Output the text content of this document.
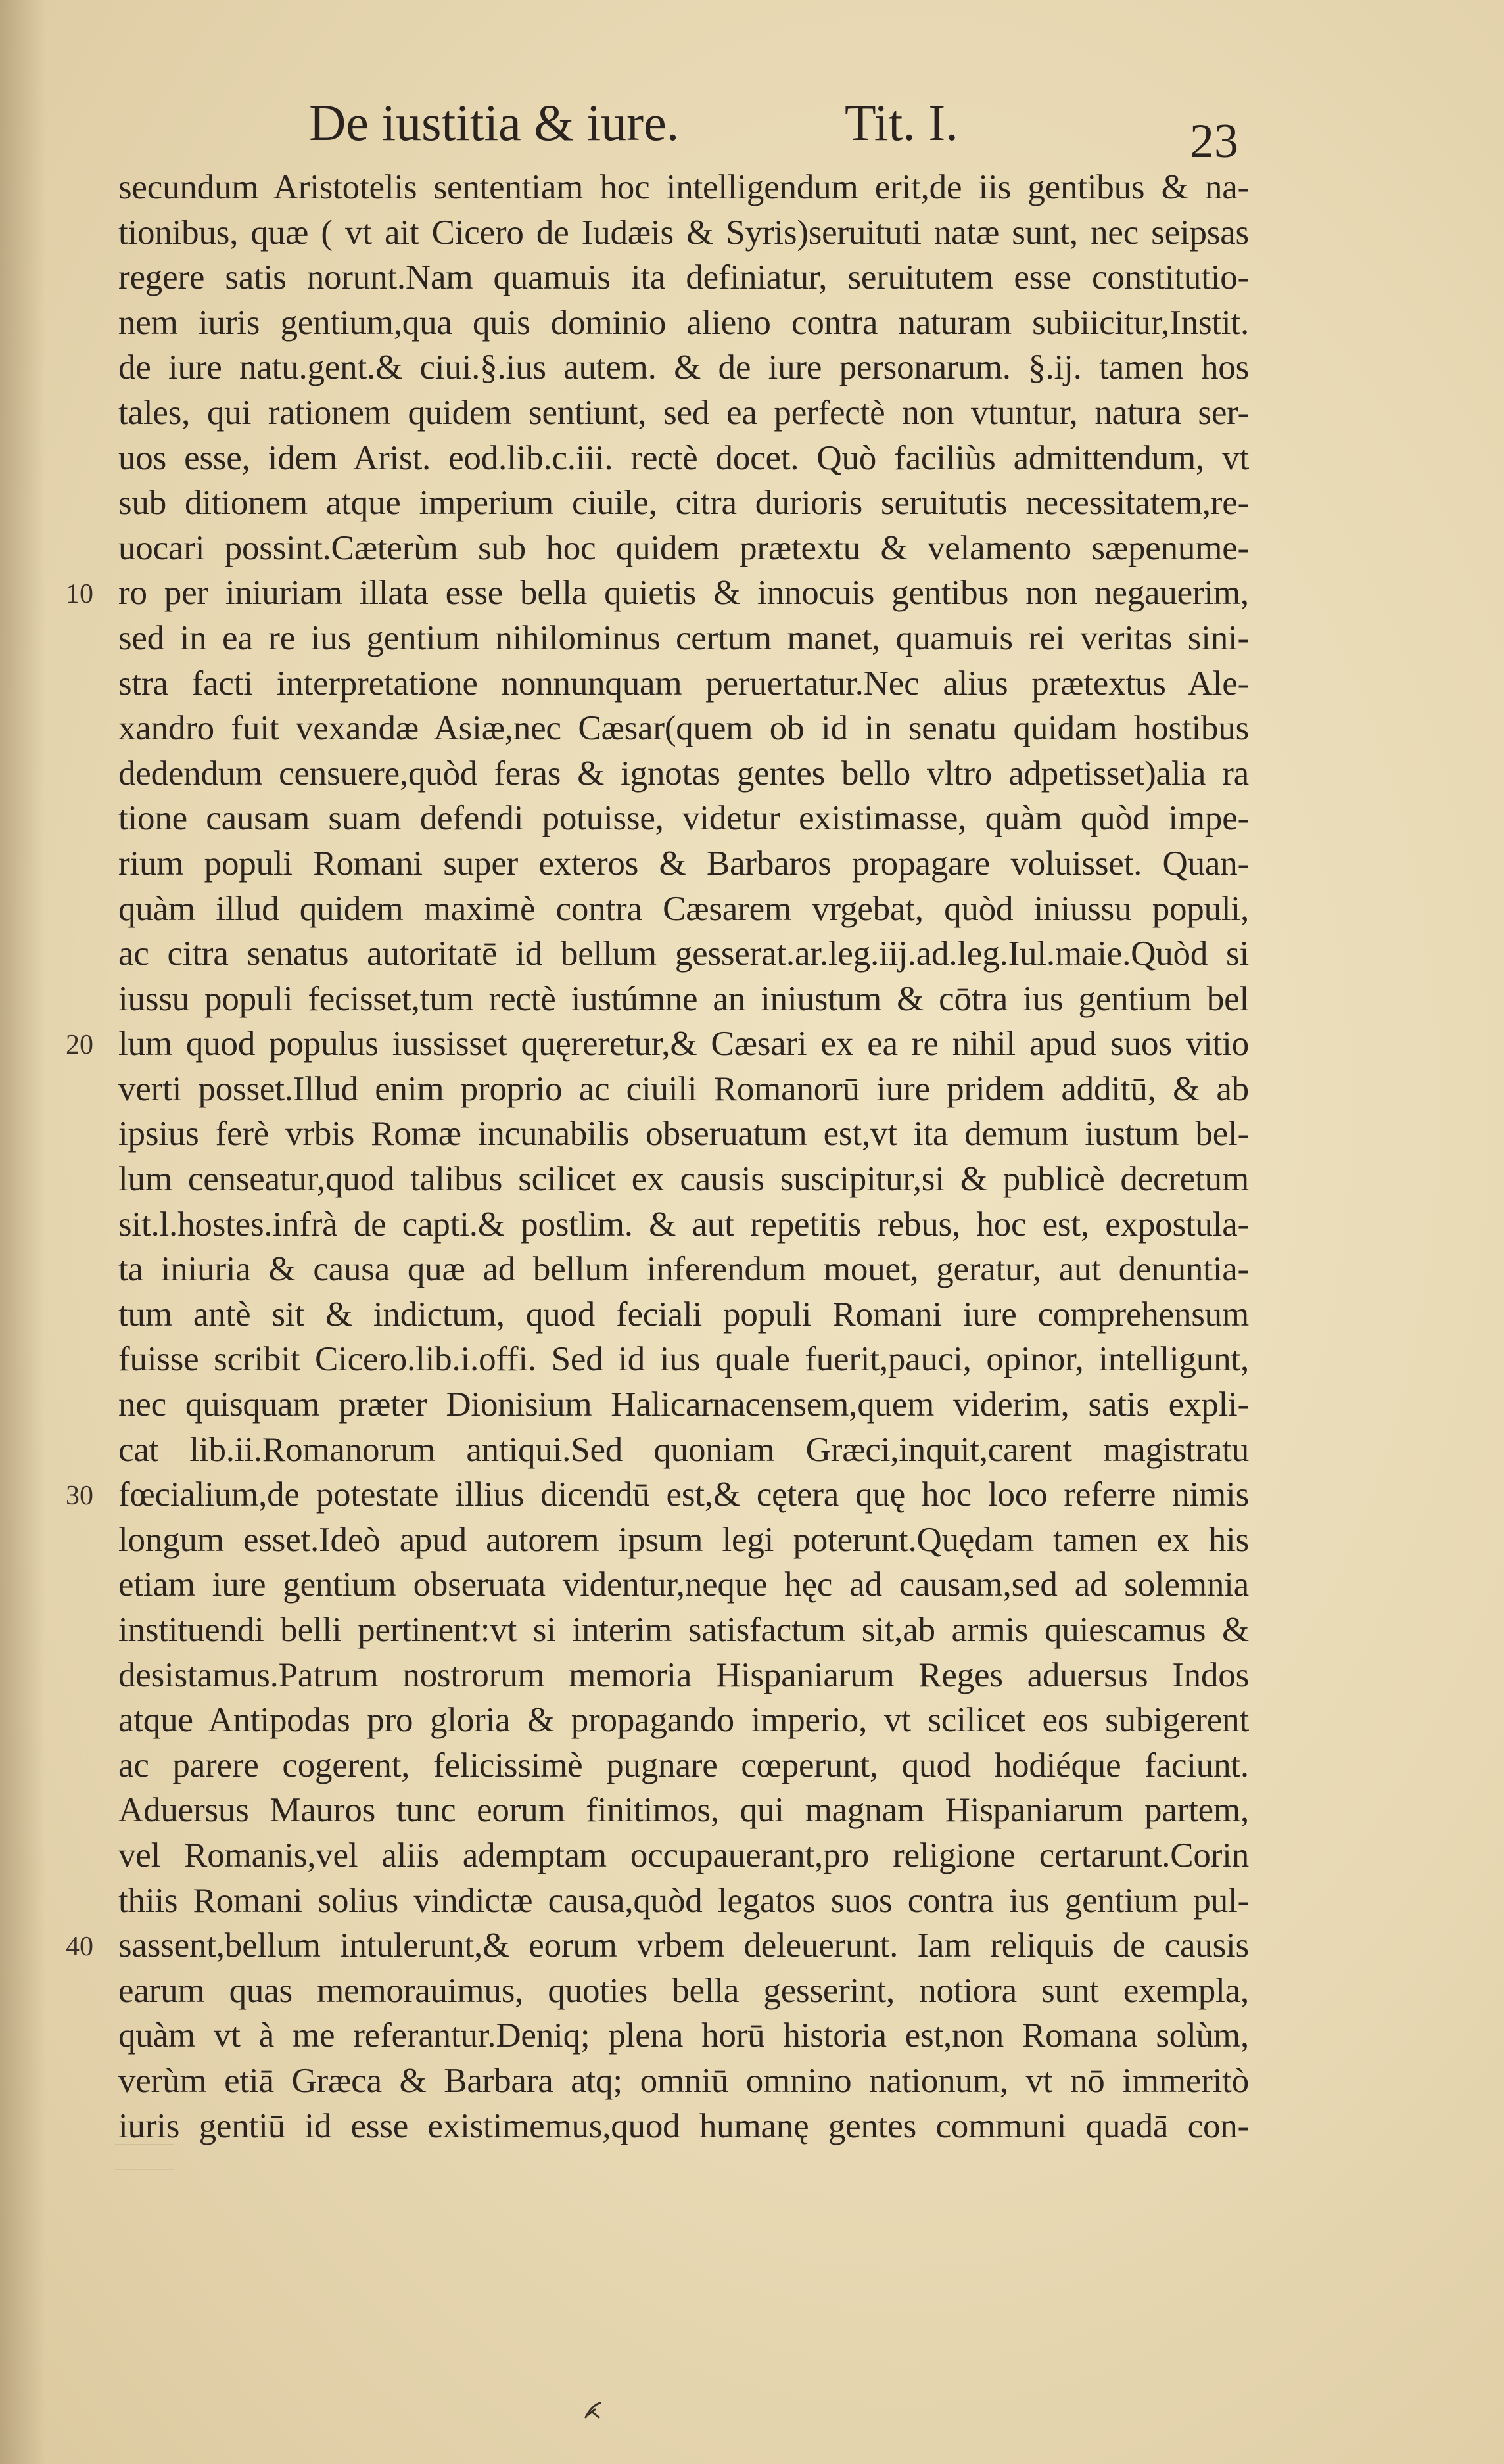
De iustitia & iure.	Tit. I.	23
secundum Aristotelis sententiam hoc intelligendum erit,de iis gentibus & na-
tionibus, quæ ( vt ait Cicero de Iudæis & Syris)seruituti natæ sunt, nec seipsas
regere satis norunt.Nam quamuis ita definiatur, seruitutem esse constitutio-
nem iuris gentium,qua quis dominio alieno contra naturam subiicitur,Instit.
de iure natu.gent.& ciui.§.ius autem. & de iure personarum. §.ij. tamen hos
tales, qui rationem quidem sentiunt, sed ea perfectè non vtuntur, natura ser-
uos esse, idem Arist. eod.lib.c.iii. rectè docet. Quò faciliùs admittendum, vt
sub ditionem atque imperium ciuile, citra durioris seruitutis necessitatem,re-
uocari possint.Cæterùm sub hoc quidem prætextu & velamento sæpenume-
10 ro per iniuriam illata esse bella quietis & innocuis gentibus non negauerim,
sed in ea re ius gentium nihilominus certum manet, quamuis rei veritas sini-
stra facti interpretatione nonnunquam peruertatur.Nec alius prætextus Ale-
xandro fuit vexandæ Asiæ,nec Cæsar(quem ob id in senatu quidam hostibus
dedendum censuere,quòd feras & ignotas gentes bello vltro adpetisset)alia ra
tione causam suam defendi potuisse, videtur existimasse, quàm quòd impe-
rium populi Romani super exteros & Barbaros propagare voluisset. Quan-
quàm illud quidem maximè contra Cæsarem vrgebat, quòd iniussu populi,
ac citra senatus autoritatē id bellum gesserat.ar.leg.iij.ad.leg.Iul.maie.Quòd si
iussu populi fecisset,tum rectè iustúmne an iniustum & cōtra ius gentium bel
20 lum quod populus iussisset quęreretur,& Cæsari ex ea re nihil apud suos vitio
verti posset.Illud enim proprio ac ciuili Romanorū iure pridem additū, & ab
ipsius ferè vrbis Romæ incunabilis obseruatum est,vt ita demum iustum bel-
lum censeatur,quod talibus scilicet ex causis suscipitur,si & publicè decretum
sit.l.hostes.infrà de capti.& postlim. & aut repetitis rebus, hoc est, expostula-
ta iniuria & causa quæ ad bellum inferendum mouet, geratur, aut denuntia-
tum antè sit & indictum, quod feciali populi Romani iure comprehensum
fuisse scribit Cicero.lib.i.offi. Sed id ius quale fuerit,pauci, opinor, intelligunt,
nec quisquam præter Dionisium Halicarnacensem,quem viderim, satis expli-
cat lib.ii.Romanorum antiqui.Sed quoniam Græci,inquit,carent magistratu
30 fœcialium,de potestate illius dicendū est,& cętera quę hoc loco referre nimis
longum esset.Ideò apud autorem ipsum legi poterunt.Quędam tamen ex his
etiam iure gentium obseruata videntur,neque hęc ad causam,sed ad solemnia
instituendi belli pertinent:vt si interim satisfactum sit,ab armis quiescamus &
desistamus.Patrum nostrorum memoria Hispaniarum Reges aduersus Indos
atque Antipodas pro gloria & propagando imperio, vt scilicet eos subigerent
ac parere cogerent, felicissimè pugnare cœperunt, quod hodiéque faciunt.
Aduersus Mauros tunc eorum finitimos, qui magnam Hispaniarum partem,
vel Romanis,vel aliis ademptam occupauerant,pro religione certarunt.Corin
thiis Romani solius vindictæ causa,quòd legatos suos contra ius gentium pul-
40 sassent,bellum intulerunt,& eorum vrbem deleuerunt. Iam reliquis de causis
earum quas memorauimus, quoties bella gesserint, notiora sunt exempla,
quàm vt à me referantur.Deniq; plena horū historia est,non Romana solùm,
verùm etiā Græca & Barbara atq; omniū omnino nationum, vt nō immeritò
iuris gentiū id esse existimemus,quod humanę gentes communi quadā con-
